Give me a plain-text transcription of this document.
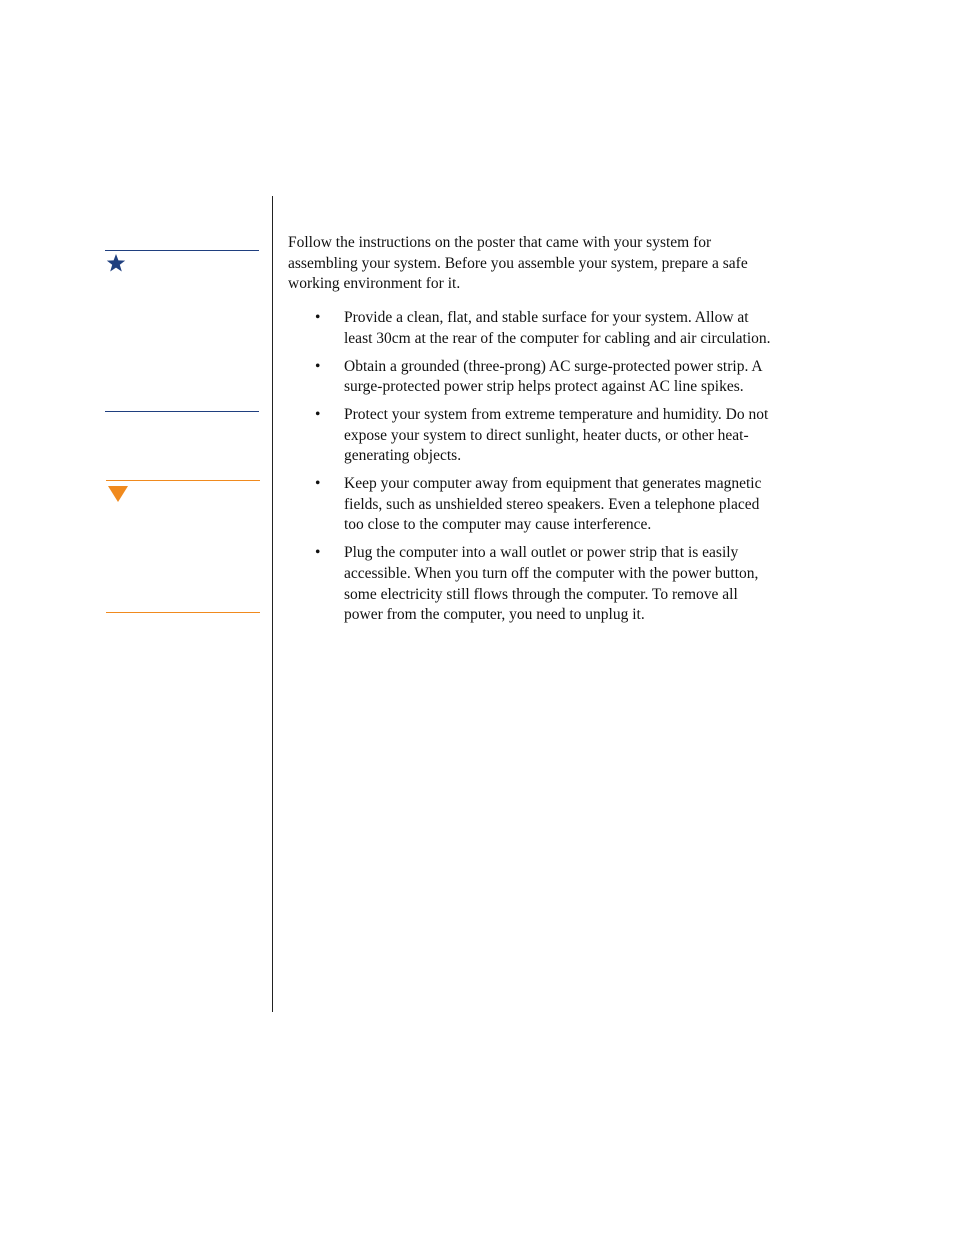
Follow the instructions on the poster that came with your system for assembling your system. Before you assemble your system, prepare a safe working environment for it.

• Provide a clean, flat, and stable surface for your system. Allow at least 30cm at the rear of the computer for cabling and air circulation.
• Obtain a grounded (three-prong) AC surge-protected power strip. A surge-protected power strip helps protect against AC line spikes.
• Protect your system from extreme temperature and humidity. Do not expose your system to direct sunlight, heater ducts, or other heat-generating objects.
• Keep your computer away from equipment that generates magnetic fields, such as unshielded stereo speakers. Even a telephone placed too close to the computer may cause interference.
• Plug the computer into a wall outlet or power strip that is easily accessible. When you turn off the computer with the power button, some electricity still flows through the computer. To remove all power from the computer, you need to unplug it.
